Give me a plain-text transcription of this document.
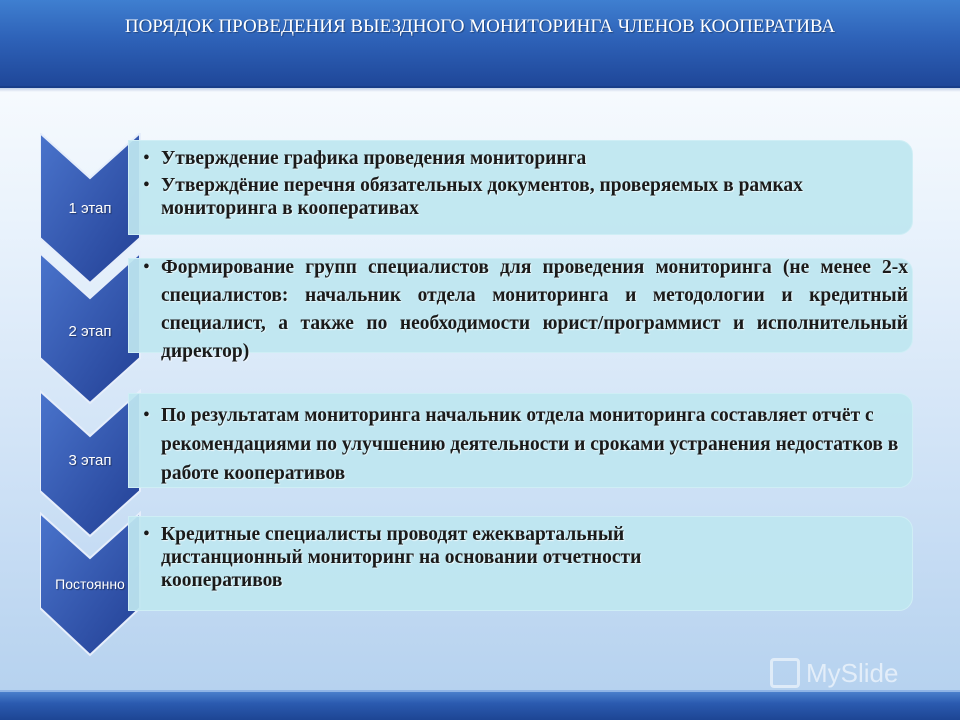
ПОРЯДОК ПРОВЕДЕНИЯ ВЫЕЗДНОГО МОНИТОРИНГА ЧЛЕНОВ КООПЕРАТИВА
1 этап
2 этап
3 этап
Постоянно
• Утверждение графика проведения мониторинга
• Утверждёние перечня обязательных документов, проверяемых в рамках мониторинга в кооперативах
• Формирование групп специалистов для проведения мониторинга (не менее 2-х специалистов: начальник отдела мониторинга и методологии и кредитный специалист, а также по необходимости юрист/программист и исполнительный директор)
• По результатам мониторинга начальник отдела мониторинга составляет отчёт с рекомендациями по улучшению деятельности и сроками устранения недостатков в работе кооперативов
• Кредитные специалисты проводят ежеквартальный дистанционный мониторинг на основании отчетности кооперативов
MySlide
